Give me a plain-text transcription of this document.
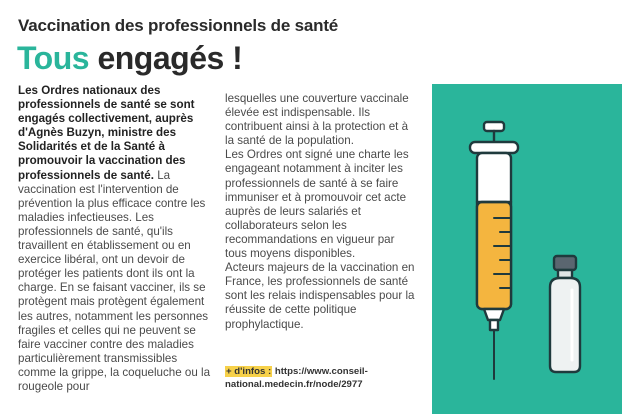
Vaccination des professionnels de santé
Tous engagés !

Les Ordres nationaux des professionnels de santé se sont engagés collectivement, auprès d'Agnès Buzyn, ministre des Solidarités et de la Santé à promouvoir la vaccination des professionnels de santé. La vaccination est l'intervention de prévention la plus efficace contre les maladies infectieuses. Les professionnels de santé, qu'ils travaillent en établissement ou en exercice libéral, ont un devoir de protéger les patients dont ils ont la charge. En se faisant vacciner, ils se protègent mais protègent également les autres, notamment les personnes fragiles et celles qui ne peuvent se faire vacciner contre des maladies particulièrement transmissibles comme la grippe, la coqueluche ou la rougeole pour

lesquelles une couverture vaccinale élevée est indispensable. Ils contribuent ainsi à la protection et à la santé de la population.

Les Ordres ont signé une charte les engageant notamment à inciter les professionnels de santé à se faire immuniser et à promouvoir cet acte auprès de leurs salariés et collaborateurs selon les recommandations en vigueur par tous moyens disponibles.

Acteurs majeurs de la vaccination en France, les professionnels de santé sont les relais indispensables pour la réussite de cette politique prophylactique.

+ d'infos : https://www.conseil-national.medecin.fr/node/2977
